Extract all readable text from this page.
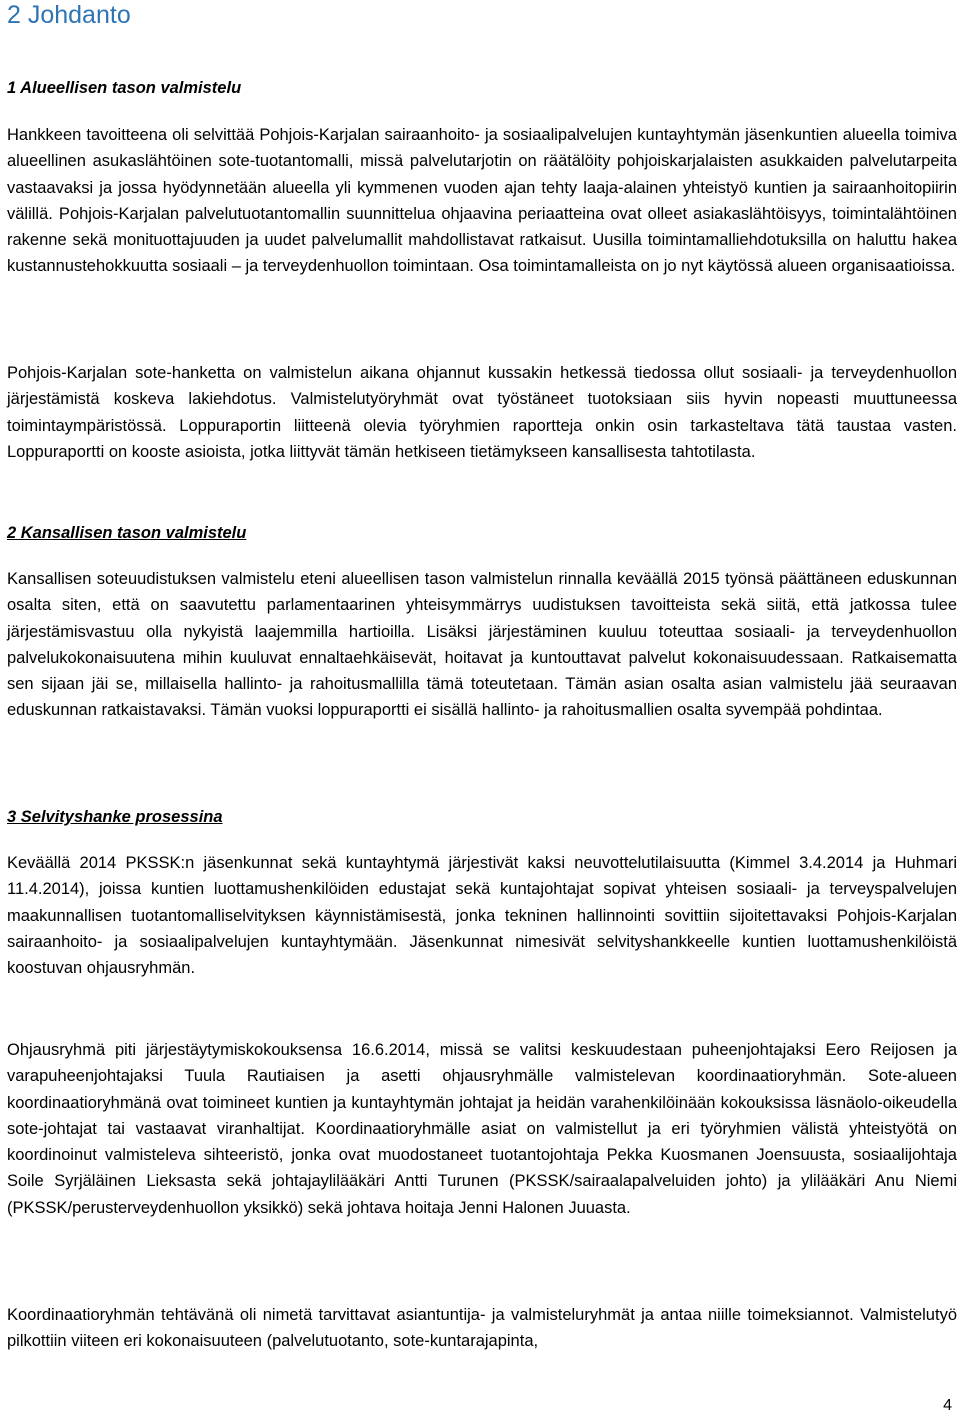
2 Johdanto

1 Alueellisen tason valmistelu

Hankkeen tavoitteena oli selvittää Pohjois-Karjalan sairaanhoito- ja sosiaalipalvelujen kuntayhtymän jäsenkuntien alueella toimiva alueellinen asukaslähtöinen sote-tuotantomalli, missä palvelutarjotin on räätälöity pohjoiskarjalaisten asukkaiden palvelutarpeita vastaavaksi ja jossa hyödynnetään alueella yli kymmenen vuoden ajan tehty laaja-alainen yhteistyö kuntien ja sairaanhoitopiirin välillä. Pohjois-Karjalan palvelutuotantomallin suunnittelua ohjaavina periaatteina ovat olleet asiakaslähtöisyys, toimintalähtöinen rakenne sekä monituottajuuden ja uudet palvelumallit mahdollistavat ratkaisut. Uusilla toimintamalliehdotuksilla on haluttu hakea kustannustehokkuutta sosiaali – ja terveydenhuollon toimintaan. Osa toimintamalleista on jo nyt käytössä alueen organisaatioissa.

Pohjois-Karjalan sote-hanketta on valmistelun aikana ohjannut kussakin hetkessä tiedossa ollut sosiaali- ja terveydenhuollon järjestämistä koskeva lakiehdotus. Valmistelutyöryhmät ovat työstäneet tuotoksiaan siis hyvin nopeasti muuttuneessa toimintaympäristössä. Loppuraportin liitteenä olevia työryhmien raportteja onkin osin tarkasteltava tätä taustaa vasten. Loppuraportti on kooste asioista, jotka liittyvät tämän hetkiseen tietämykseen kansallisesta tahtotilasta.

2 Kansallisen tason valmistelu

Kansallisen soteuudistuksen valmistelu eteni alueellisen tason valmistelun rinnalla keväällä 2015 työnsä päättäneen eduskunnan osalta siten, että on saavutettu parlamentaarinen yhteisymmärrys uudistuksen tavoitteista sekä siitä, että jatkossa tulee järjestämisvastuu olla nykyistä laajemmilla hartioilla. Lisäksi järjestäminen kuuluu toteuttaa sosiaali- ja terveydenhuollon palvelukokonaisuutena mihin kuuluvat ennaltaehkäisevät, hoitavat ja kuntouttavat palvelut kokonaisuudessaan. Ratkaisematta sen sijaan jäi se, millaisella hallinto- ja rahoitusmallilla tämä toteutetaan. Tämän asian osalta asian valmistelu jää seuraavan eduskunnan ratkaistavaksi. Tämän vuoksi loppuraportti ei sisällä hallinto- ja rahoitusmallien osalta syvempää pohdintaa.

3 Selvityshanke prosessina

Keväällä 2014 PKSSK:n jäsenkunnat sekä kuntayhtymä järjestivät kaksi neuvottelutilaisuutta (Kimmel 3.4.2014 ja Huhmari 11.4.2014), joissa kuntien luottamushenkilöiden edustajat sekä kuntajohtajat sopivat yhteisen sosiaali- ja terveyspalvelujen maakunnallisen tuotantomalliselvityksen käynnistämisestä, jonka tekninen hallinnointi sovittiin sijoitettavaksi Pohjois-Karjalan sairaanhoito- ja sosiaalipalvelujen kuntayhtymään. Jäsenkunnat nimesivät selvityshankkeelle kuntien luottamushenkilöistä koostuvan ohjausryhmän.

Ohjausryhmä piti järjestäytymiskokouksensa 16.6.2014, missä se valitsi keskuudestaan puheenjohtajaksi Eero Reijosen ja varapuheenjohtajaksi Tuula Rautiaisen ja asetti ohjausryhmälle valmistelevan koordinaatioryhmän. Sote-alueen koordinaatioryhmänä ovat toimineet kuntien ja kuntayhtymän johtajat ja heidän varahenkilöinään kokouksissa läsnäolo-oikeudella sote-johtajat tai vastaavat viranhaltijat. Koordinaatioryhmälle asiat on valmistellut ja eri työryhmien välistä yhteistyötä on koordinoinut valmisteleva sihteeristö, jonka ovat muodostaneet tuotantojohtaja Pekka Kuosmanen Joensuusta, sosiaalijohtaja Soile Syrjäläinen Lieksasta sekä johtajaylilääkäri Antti Turunen (PKSSK/sairaalapalveluiden johto) ja ylilääkäri Anu Niemi (PKSSK/perusterveydenhuollon yksikkö) sekä johtava hoitaja Jenni Halonen Juuasta.

Koordinaatioryhmän tehtävänä oli nimetä tarvittavat asiantuntija- ja valmisteluryhmät ja antaa niille toimeksiannot. Valmistelutyö pilkottiin viiteen eri kokonaisuuteen (palvelutuotanto, sote-kuntarajapinta,

4
